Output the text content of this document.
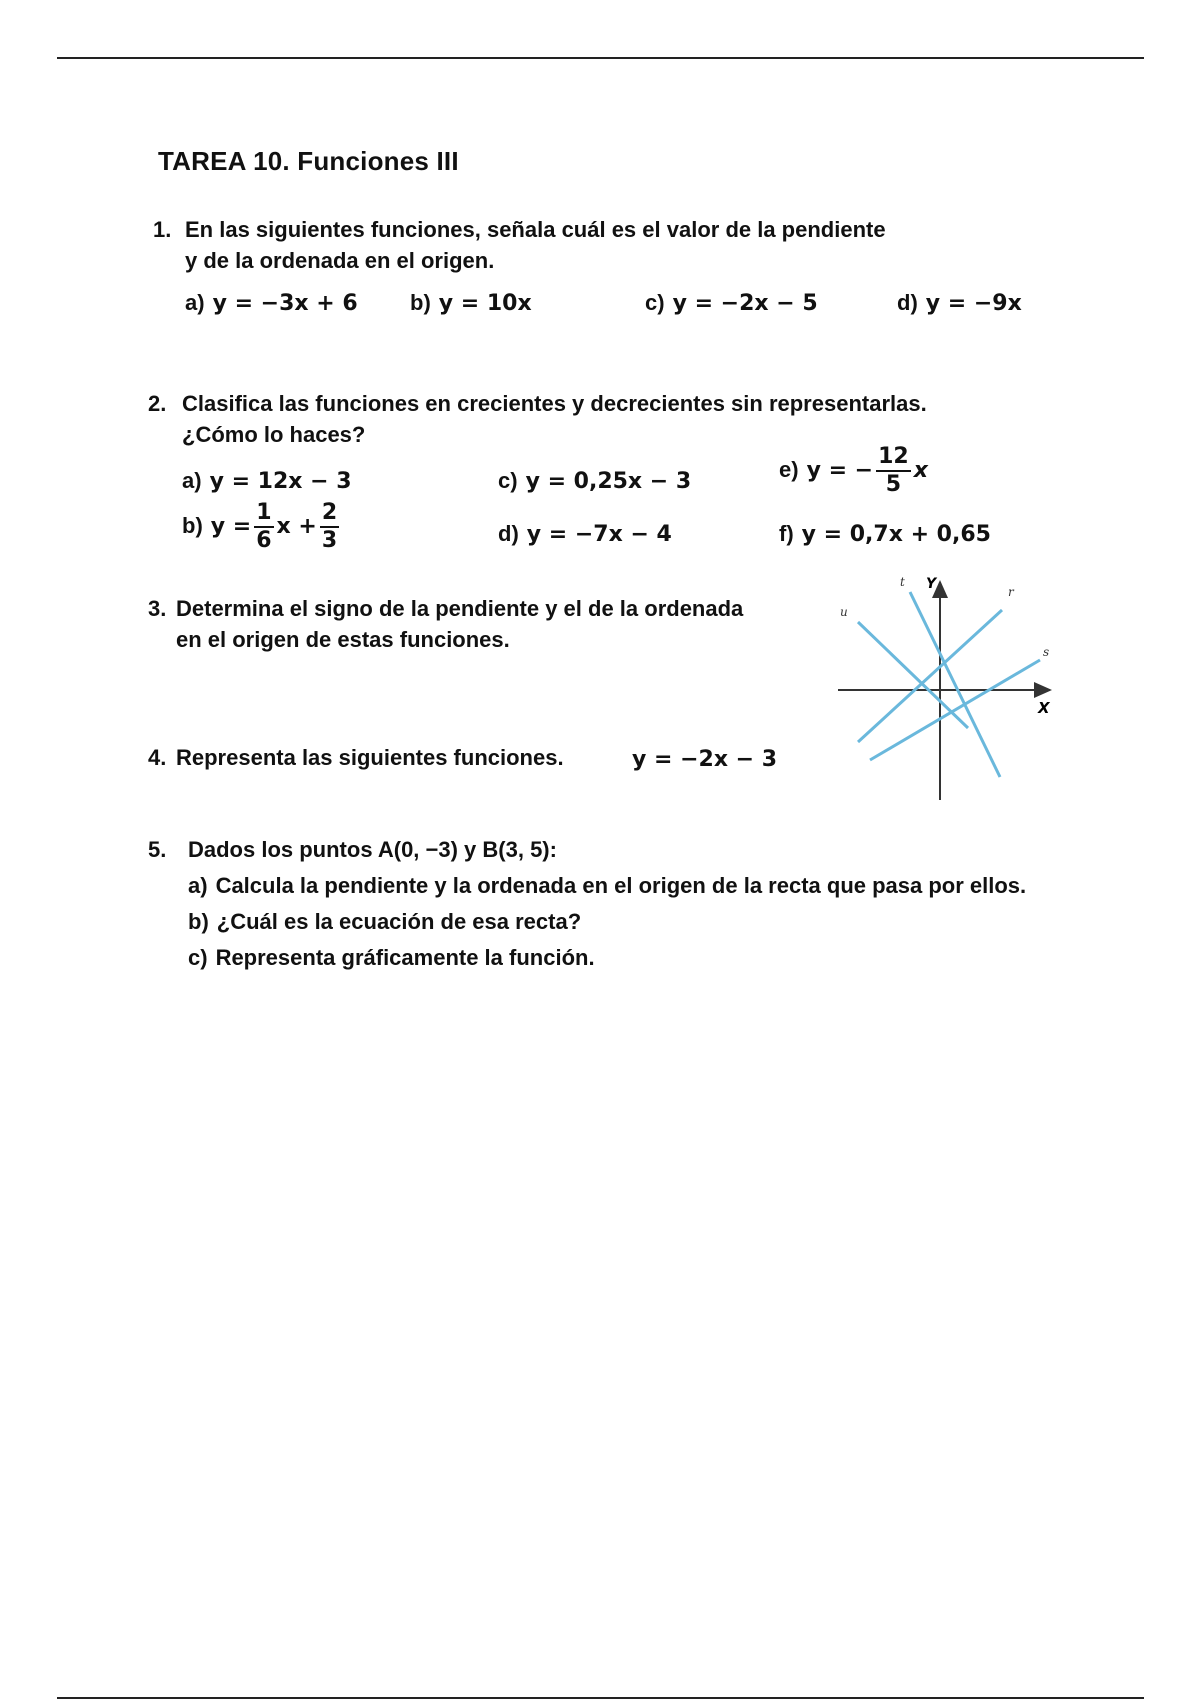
TAREA 10. Funciones III
1. En las siguientes funciones, señala cuál es el valor de la pendiente
y de la ordenada en el origen.
a) y = −3x + 6 b) y = 10x	c) y = −2x − 5	d) y = −9x
2. Clasifica las funciones en crecientes y decrecientes sin representarlas.
¿Cómo lo haces?
a) y = 12x − 3	c) y = 0,25x − 3	e) y = − $\frac{12}{5}$ x
b) $y = \frac{1}{6}$ $x + \frac{2}{3}$	d) y = −7x − 4	f) y = 0,7x + 0,65
3. Determina el signo de la pendiente y el de la ordenada
en el origen de estas funciones.
Y
X
t
r
s
u
4. Representa las siguientes funciones.	y = −2x − 3
5. Dados los puntos A(0, −3) y B(3, 5):
a) Calcula la pendiente y la ordenada en el origen de la recta que pasa por ellos.
b) ¿Cuál es la ecuación de esa recta?
c) Representa gráficamente la función.
